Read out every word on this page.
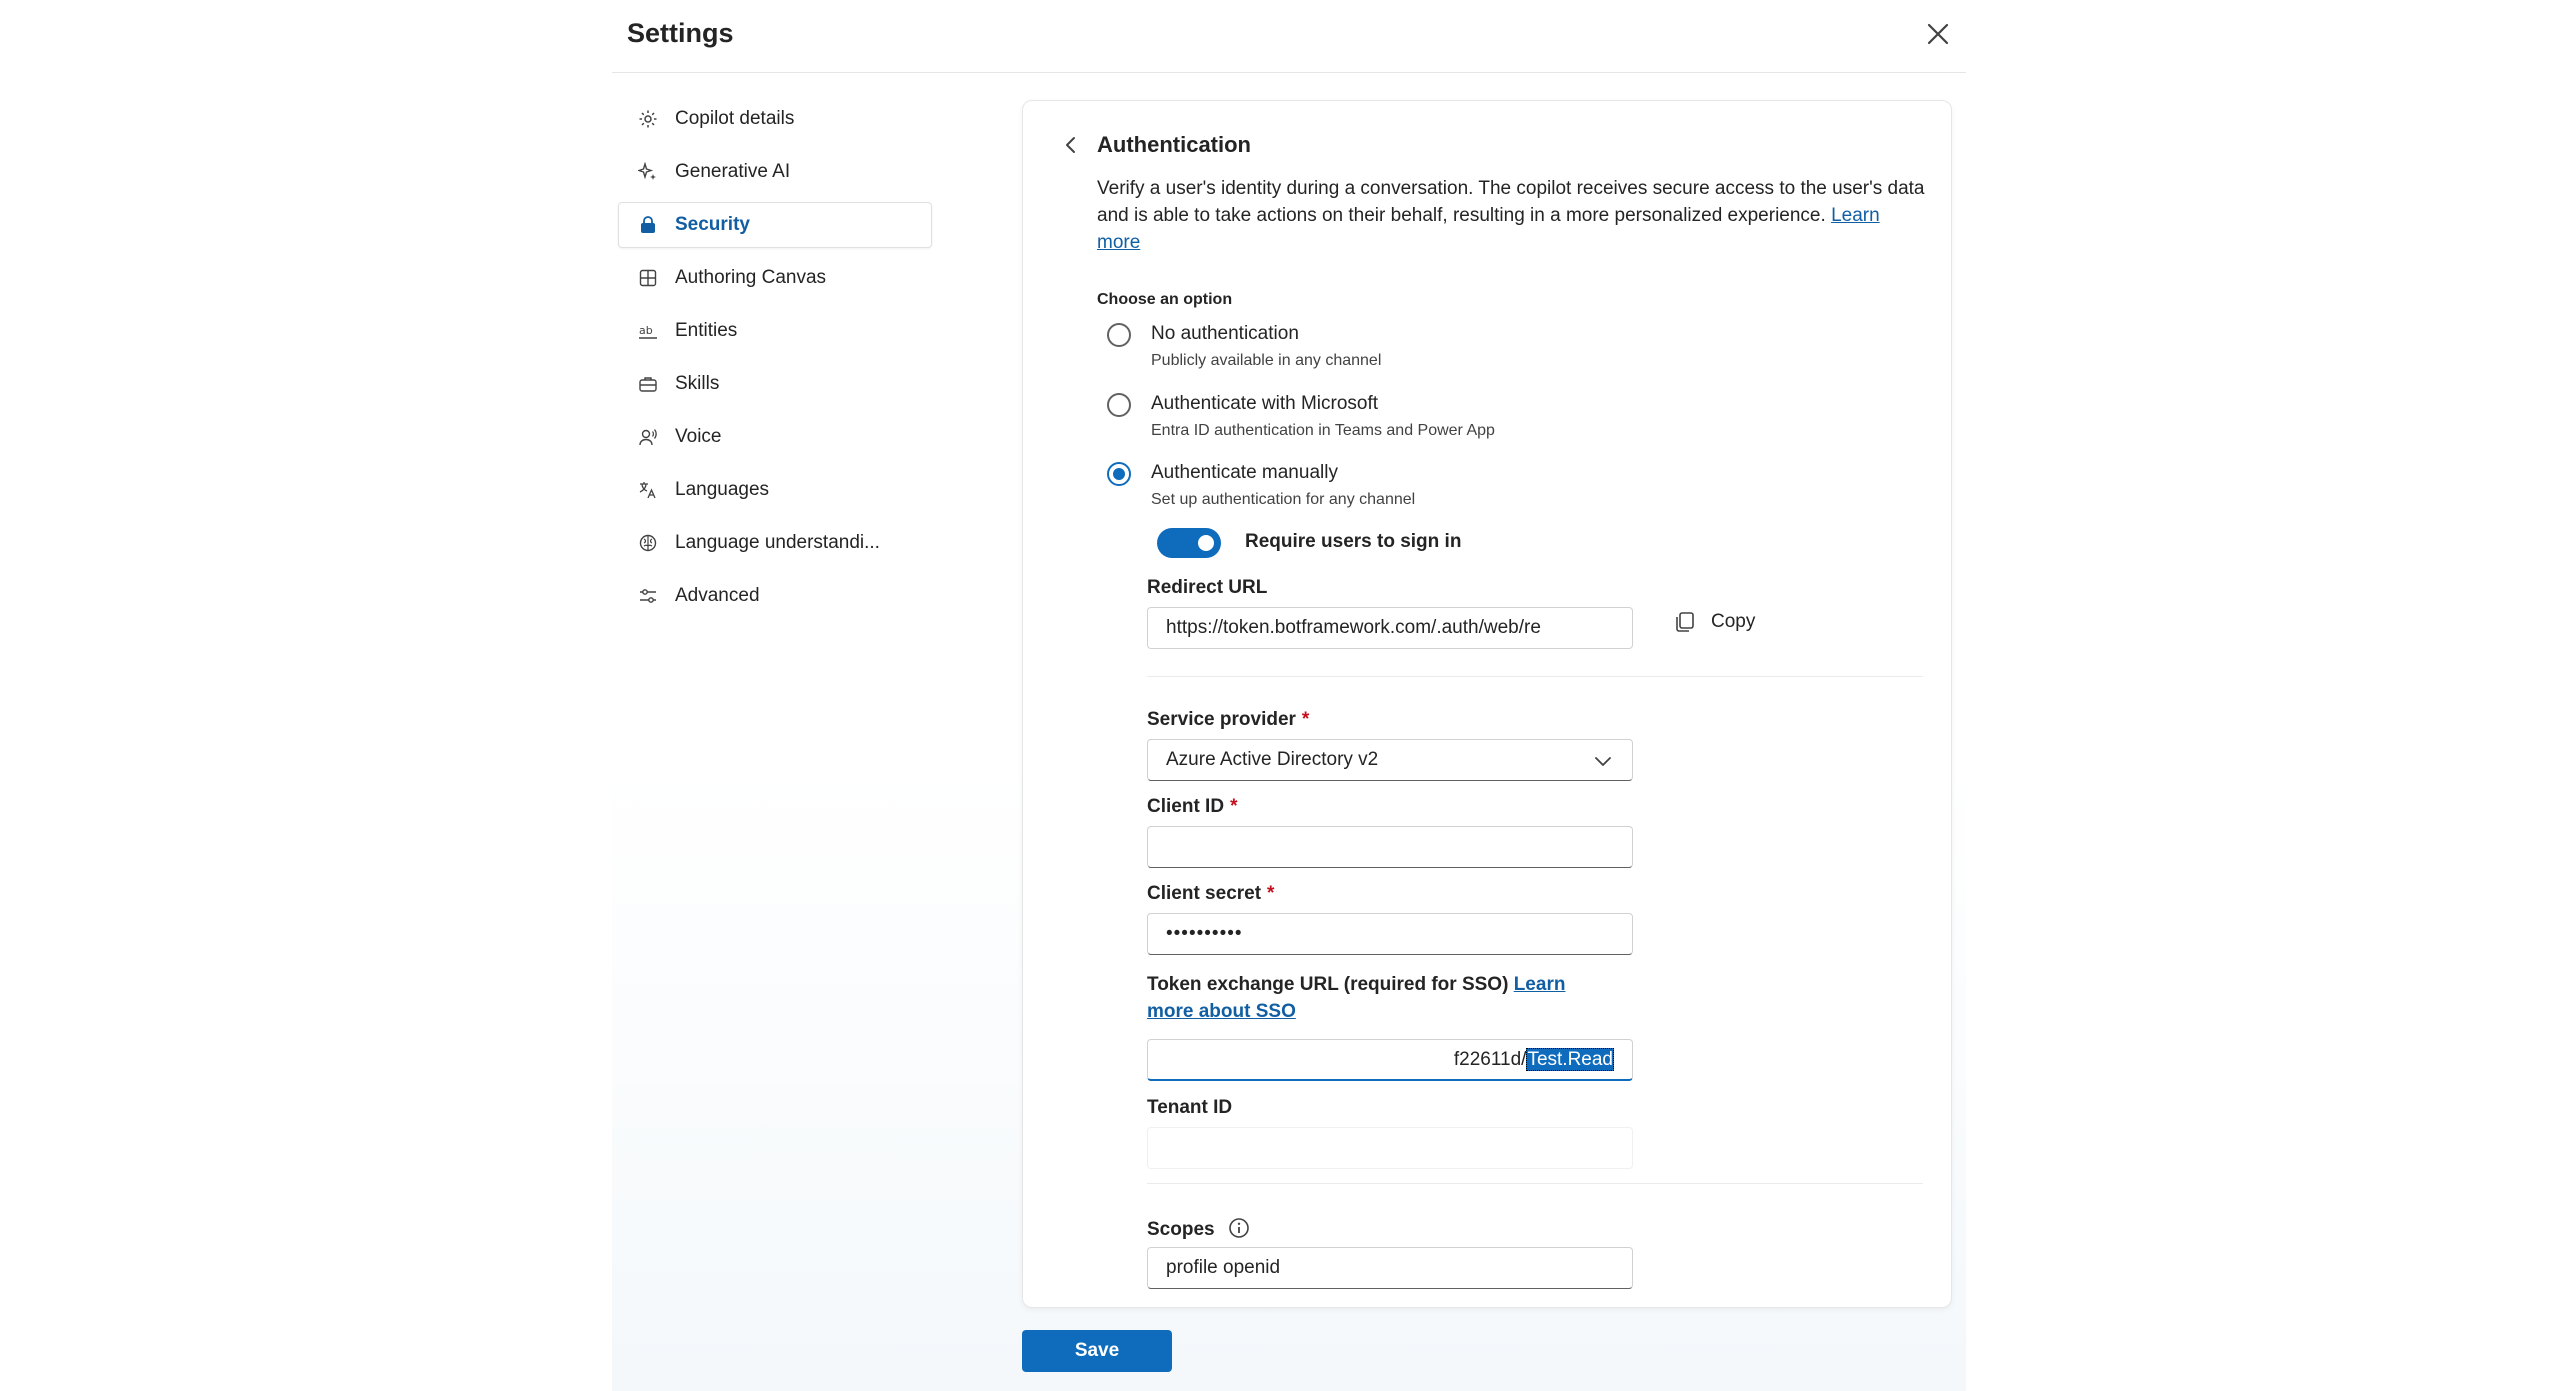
Settings
Copilot details
Generative AI
Security
Authoring Canvas
ab Entities
Skills
Voice
Languages
Language understandi...
Advanced
Authentication
Verify a user's identity during a conversation. The copilot receives secure access to the user's data and is able to take actions on their behalf, resulting in a more personalized experience. Learn more
Choose an option
No authentication
Publicly available in any channel
Authenticate with Microsoft
Entra ID authentication in Teams and Power App
Authenticate manually
Set up authentication for any channel
Require users to sign in
Redirect URL
https://token.botframework.com/.auth/web/re	Copy
Service provider *
Azure Active Directory v2
Client ID *
Client secret *
••••••••••
Token exchange URL (required for SSO) Learn
more about SSO
f22611d/Test.Read
Tenant ID
Scopes
profile openid
Save
